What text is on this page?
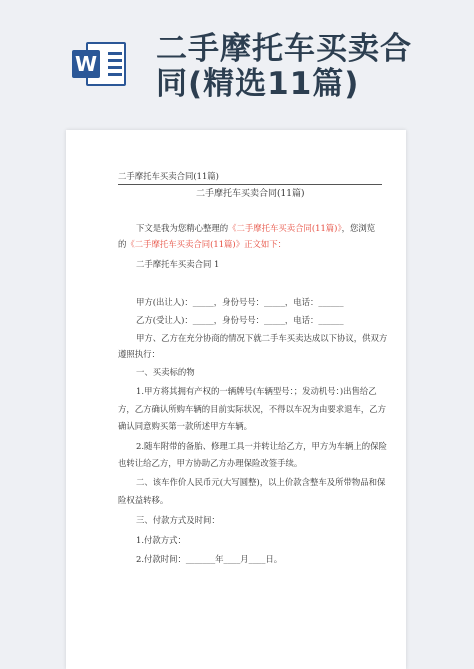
W 二手摩托车买卖合
同(精选11篇)
二手摩托车买卖合同(11篇)
二手摩托车买卖合同(11篇)
下文是我为您精心整理的《二手摩托车买卖合同(11篇)》，您浏览
的《二手摩托车买卖合同(11篇)》正文如下：
二手摩托车买卖合同 1
甲方(出让人)：_____，身份号号：_____，电话：______
乙方(受让人)：_____，身份号号：_____，电话：______
甲方、乙方在充分协商的情况下就二手车买卖达成以下协议，供双方
遵照执行：
一、买卖标的物
1.甲方将其拥有产权的一辆牌号(车辆型号：；发动机号：)出售给乙
方，乙方确认所购车辆的目前实际状况，不得以车况为由要求退车，乙方
确认同意购买第一款所述甲方车辆。
2.随车附带的备胎、修理工具一并转让给乙方，甲方为车辆上的保险
也转让给乙方，甲方协助乙方办理保险改签手续。
二、该车作价人民币元(大写圆整)，以上价款含整车及所带物品和保
险权益转移。
三、付款方式及时间：
1.付款方式：
2.付款时间：_______年____月____日。
